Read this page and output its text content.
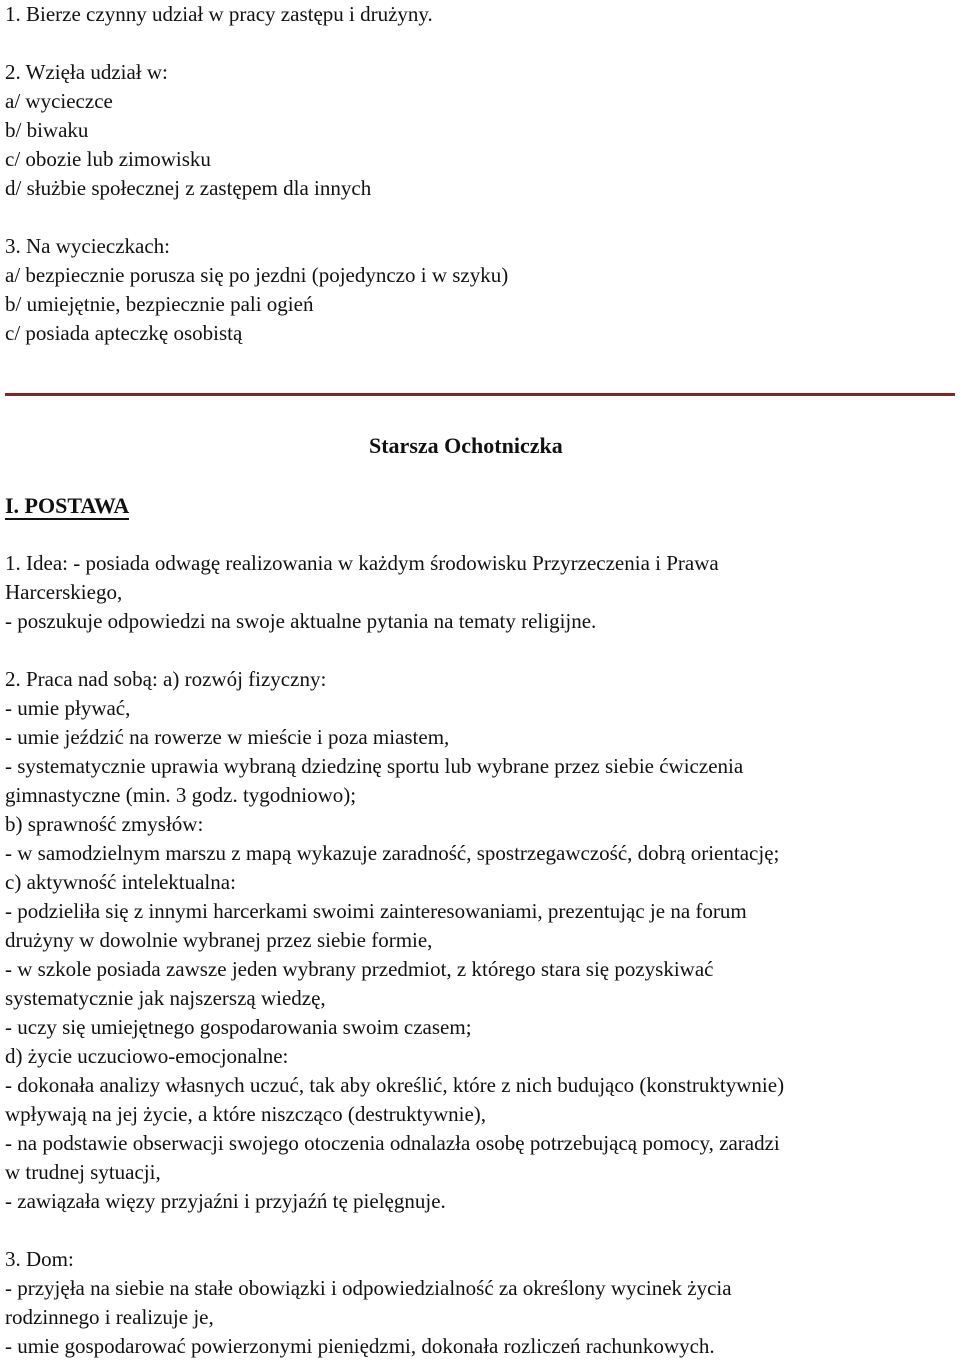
1. Bierze czynny udział w pracy zastępu i drużyny.
2. Wzięła udział w:
a/ wycieczce
b/ biwaku
c/ obozie lub zimowisku
d/ służbie społecznej z zastępem dla innych
3. Na wycieczkach:
a/ bezpiecznie porusza się po jezdni (pojedynczo i w szyku)
b/ umiejętnie, bezpiecznie pali ogień
c/ posiada apteczkę osobistą
Starsza Ochotniczka
I. POSTAWA
1. Idea: - posiada odwagę realizowania w każdym środowisku Przyrzeczenia i Prawa
Harcerskiego,
- poszukuje odpowiedzi na swoje aktualne pytania na tematy religijne.
2. Praca nad sobą: a) rozwój fizyczny:
- umie pływać,
- umie jeździć na rowerze w mieście i poza miastem,
- systematycznie uprawia wybraną dziedzinę sportu lub wybrane przez siebie ćwiczenia
gimnastyczne (min. 3 godz. tygodniowo);
b) sprawność zmysłów:
- w samodzielnym marszu z mapą wykazuje zaradność, spostrzegawczość, dobrą orientację;
c) aktywność intelektualna:
- podzieliła się z innymi harcerkami swoimi zainteresowaniami, prezentując je na forum
drużyny w dowolnie wybranej przez siebie formie,
- w szkole posiada zawsze jeden wybrany przedmiot, z którego stara się pozyskiwać
systematycznie jak najszerszą wiedzę,
- uczy się umiejętnego gospodarowania swoim czasem;
d) życie uczuciowo-emocjonalne:
- dokonała analizy własnych uczuć, tak aby określić, które z nich budująco (konstruktywnie)
wpływają na jej życie, a które niszcząco (destruktywnie),
- na podstawie obserwacji swojego otoczenia odnalazła osobę potrzebującą pomocy, zaradzi
w trudnej sytuacji,
- zawiązała więzy przyjaźni i przyjaźń tę pielęgnuje.
3. Dom:
- przyjęła na siebie na stałe obowiązki i odpowiedzialność za określony wycinek życia
rodzinnego i realizuje je,
- umie gospodarować powierzonymi pieniędzmi, dokonała rozliczeń rachunkowych.
